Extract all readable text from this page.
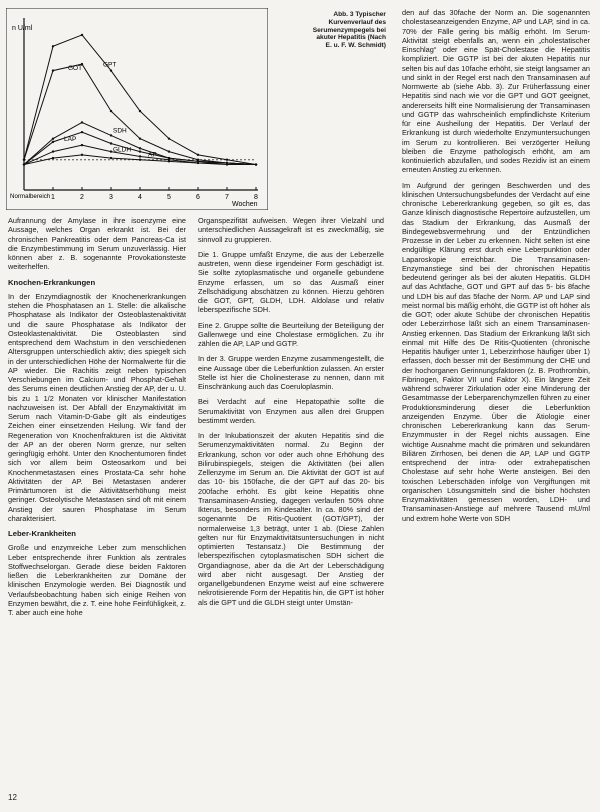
n U/ml
Normalbereich 1	2	3	4	5	6	7	8
GPT
GOT
SDH
GLDH
LAP
AP
Wochen
Abb. 3 Typischer Kurvenverlauf des Serumenzympegels bei akuter Hepatitis (Nach E. u. F. W. Schmidt)

Aufrannung der Amylase in ihre isoenzyme eine Aussage, welches Organ erkrankt ist. Bei der chronischen Pankreatitis oder dem Pancreas-Ca ist die Enzymbestimmung im Serum unzuverlässig. Hier können aber z. B. sogenannte Provokationsteste weiterhelfen.

Knochen-Erkrankungen

In der Enzymdiagnostik der Knochenerkrankungen stehen die Phosphatasen an 1. Stelle: die alkalische Phosphatase als Indikator der Osteoblastenaktivität und die saure Phosphatase als Indikator der Osteoklastenaktivität. Die Osteoblasten sind entsprechend dem Wachstum in den verschiedenen Altersgruppen unterschiedlich aktiv; dies spiegelt sich in der unterschiedlichen Höhe der Normalwerte für die AP wieder. Die Rachitis zeigt neben typischen Verschiebungen im Calcium- und Phosphat-Gehalt des Serums einen deutlichen Anstieg der AP, der u. U. bis zu 1 1/2 Monaten vor klinischer Manifestation nachzuweisen ist. Der Abfall der Enzymaktivität im Serum nach Vitamin-D-Gabe gilt als eindeutiges Zeichen einer einsetzenden Heilung. Wir fand der Regeneration von Knochenfrakturen ist die Aktivität der AP an der oberen Norm grenze, nur selten geringfügig erhöht. Unter den Knochentumoren findet sich vor allem beim Osteosarkom und bei Knochenmetastasen eines Prostata-Ca sehr hohe Aktivitäten der AP. Bei Metastasen anderer Primärtumoren ist die Aktivitätserhöhung meist geringer. Osteolytische Metastasen sind oft mit einem Anstieg der sauren Phosphatase im Serum charakterisiert.

Leber-Krankheiten

Große und enzymreiche Leber zum menschlichen Leber entsprechende ihrer Funktion als zentrales Stoffwechselorgan. Gerade diese beiden Faktoren ließen die Leberkrankheiten zur Domäne der klinischen Enzymologie werden. Bei Diagnostik und Verlaufsbeobachtung haben sich einige Reihen von Enzymen bewährt, die z. T. eine hohe Feinfühligkeit, z. T. aber auch eine hohe

Organspezifität aufweisen. Wegen ihrer Vielzahl und unterschiedlichen Aussagekraft ist es zweckmäßig, sie sinnvoll zu gruppieren.

Die 1. Gruppe umfaßt Enzyme, die aus der Leberzelle austreten, wenn diese irgendeiner Form geschädigt ist. Sie sollte zytoplasmatische und organelle gebundene Enzyme erfassen, um so das Ausmaß einer Zellschädigung abschätzen zu können. Hierzu gehören die GOT, GPT, GLDH, LDH. Aldolase und relativ leberspezifische SDH.

Eine 2. Gruppe sollte die Beurteilung der Beteiligung der Gallenwege und eine Cholestase ermöglichen. Zu ihr zählen die AP, LAP und GGTP.

In der 3. Gruppe werden Enzyme zusammengestellt, die eine Aussage über die Leberfunktion zulassen. An erster Stelle ist hier die Cholinesterase zu nennen, dann mit Einschränkung auch das Coeruloplasmin.

Bei Verdacht auf eine Hepatopathie sollte die Serumaktivität von Enzymen aus allen drei Gruppen bestimmt werden.

In der Inkubationszeit der akuten Hepatitis sind die Serumenzymaktivitäten normal. Zu Beginn der Erkrankung, schon vor oder auch ohne Erhöhung des Bilirubinspiegels, steigen die Aktivitäten (bei allen Zellenzyme im Serum an. Die Aktivität der GOT ist auf das 10- bis 150fache, die der GPT auf das 20- bis 200fache erhöht. Es gibt keine Hepatitis ohne Transaminasen-Anstieg, dagegen verlaufen 50% ohne Ikterus, besonders im Kindesalter. In ca. 80% sind der sogenannte De Ritis-Quotient (GOT/GPT), der normalerweise 1,3 beträgt, unter 1 ab. (Diese Zahlen gelten nur für Enzymaktivitätsuntersuchungen in nicht optimierten Testansatz.) Die Bestimmung der leberspezifischen cytoplasmatischen SDH sichert die Organdiagnose, aber da die Art der Leberschädigung wird aber nicht ausgesagt. Der Anstieg der organellgebundenen Enzyme weist auf eine schwerere nekrotisierende Form der Hepatitis hin, die GPT ist höher als die GPT und die GLDH steigt unter Umstän-

den auf das 30fache der Norm an. Die sogenannten cholestaseanzeigenden Enzyme, AP und LAP, sind in ca. 70% der Fälle gering bis mäßig erhöht. Im Serum-Aktivität steigt ebenfalls an, wenn ein „cholestatischer Einschlag“ oder eine Spät-Cholestase die Hepatitis kompliziert. Die GGTP ist bei der akuten Hepatitis nur selten bis auf das 10fache erhöht, sie steigt langsamer an und sinkt in der Regel erst nach den Transaminasen auf Normwerte ab (siehe Abb. 3). Zur Früherfassung einer Hepatitis sind nach wie vor die GPT und GOT geeignet, andererseits hilft eine Normalisierung der Transaminasen und GGTP das wahrscheinlich empfindlichste Kriterium für eine Ausheilung der Hepatitis. Der Verlauf der Erkrankung ist durch wiederholte Enzymuntersuchungen im Serum zu kontrollieren. Bei verzögerter Heilung bleiben die Enzyme pathologisch erhöht, am am kontinuierlich abzufallen, und sodes Rezidiv ist an einem erneuten Anstieg zu erkennen.

Im Aufgrund der geringen Beschwerden und des klinischen Untersuchungsbefundes der Verdacht auf eine chronische Lebererkrankung gegeben, so gilt es, das Ganze klinisch diagnostische Repertoire aufzustellen, um das Stadium der Erkrankung, das Ausmaß der Bindegewebsvermehrung und der Entzündlichen Prozesse in der Leber zu erkennen. Nicht selten ist eine endgültige Klärung erst durch eine Leberpunktion oder Laparoskopie erreichbar. Die Transaminasen-Enzymanstiege sind bei der chronischen Hepatitis bedeutend geringer als bei der akuten Hepatitis. GLDH auf das Achtfache, GOT und GPT auf das 5- bis 8fache und LDH bis auf das 5fache der Norm. AP und LAP sind meist normal bis mäßig erhöht, die GGTP ist oft höher als die GOT; oder akute Schübe der chronischen Hepatitis oder Leberzirrhose läßt sich an einem Transaminasen-Anstieg erkennen. Das Stadium der Erkrankung läßt sich einmal mit Hilfe des De Ritis-Quotienten (chronische Hepatitis häufiger unter 1, Leberzirrhose häufiger über 1) erfassen, doch besser mit der Bestimmung der CHE und der hochorganen Gerinnungsfaktoren (z. B. Prothrombin, Fibrinogen, Faktor VII und Faktor X). Ein längere Zeit während schwerer Zirkulation oder eine Minderung der Gesamtmasse der Leberparenchymzellen führen zu einer Produktionsminderung dieser die Leberfunktion anzeigenden Enzyme. Über die Ätiologie einer chronischen Lebererkrankung kann das Serum-Enzymmuster in der Regel nichts aussagen. Eine wichtige Ausnahme macht die primären und sekundären Biliären Zirrhosen, bei denen die AP, LAP und GGTP entsprechend der intra- oder extrahepatischen Cholestase auf sehr hohe Werte ansteigen. Bei den toxischen Leberschäden infolge von Vergiftungen mit organischen Lösungsmitteln sind die bisher höchsten Enzymaktivitäten gemessen worden, LDH- und Transaminasen-Anstiege auf mehrere Tausend mU/ml und extrem hohe Werte von SDH

12
